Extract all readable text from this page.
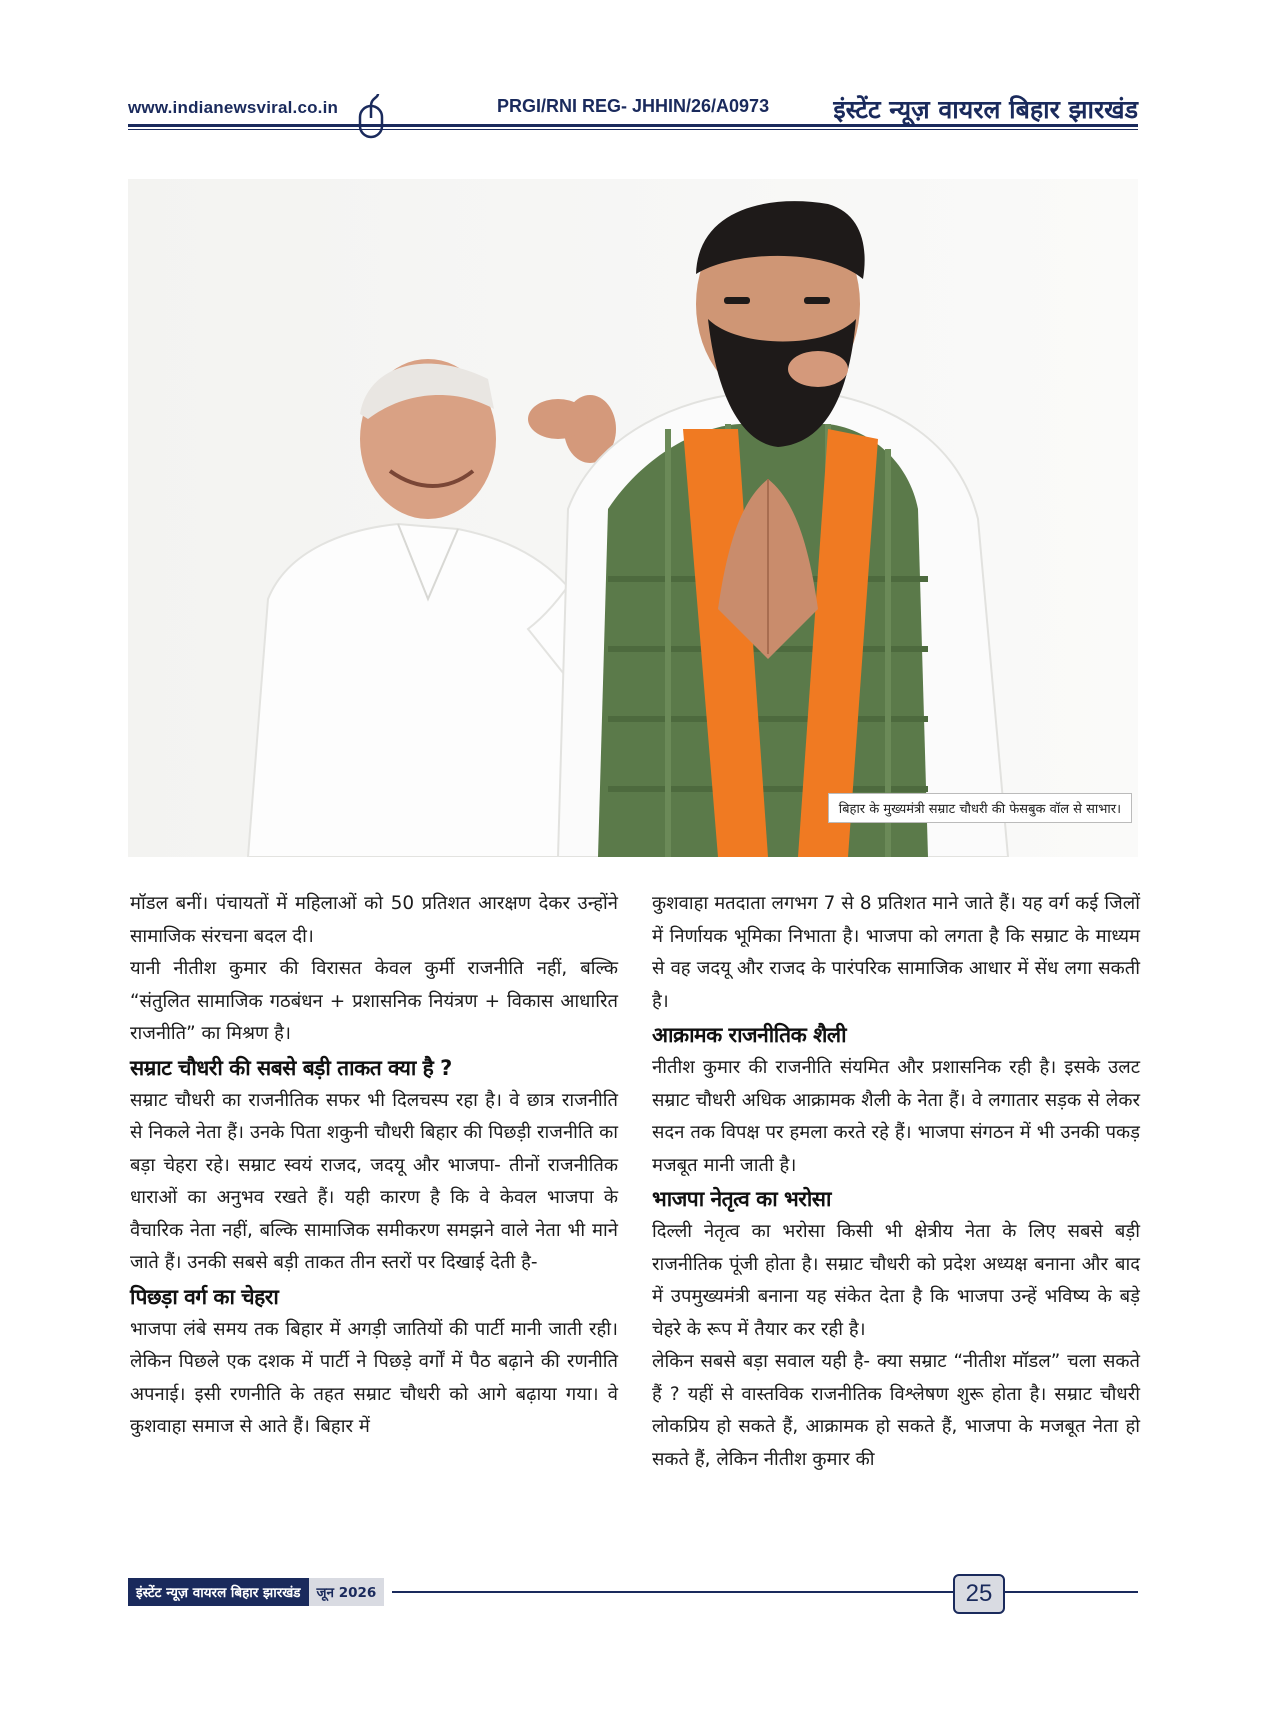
www.indianewsviral.co.in	PRGI/RNI REG- JHHIN/26/A0973	इंस्टेंट न्यूज़ वायरल बिहार झारखंड
बिहार के मुख्यमंत्री सम्राट चौधरी की फेसबुक वॉल से साभार।

मॉडल बनीं। पंचायतों में महिलाओं को 50 प्रतिशत आरक्षण देकर उन्होंने सामाजिक संरचना बदल दी।

यानी नीतीश कुमार की विरासत केवल कुर्मी राजनीति नहीं, बल्कि “संतुलित सामाजिक गठबंधन + प्रशासनिक नियंत्रण + विकास आधारित राजनीति” का मिश्रण है।

सम्राट चौधरी की सबसे बड़ी ताकत क्या है ?

सम्राट चौधरी का राजनीतिक सफर भी दिलचस्प रहा है। वे छात्र राजनीति से निकले नेता हैं। उनके पिता शकुनी चौधरी बिहार की पिछड़ी राजनीति का बड़ा चेहरा रहे। सम्राट स्वयं राजद, जदयू और भाजपा- तीनों राजनीतिक धाराओं का अनुभव रखते हैं। यही कारण है कि वे केवल भाजपा के वैचारिक नेता नहीं, बल्कि सामाजिक समीकरण समझने वाले नेता भी माने जाते हैं। उनकी सबसे बड़ी ताकत तीन स्तरों पर दिखाई देती है-

पिछड़ा वर्ग का चेहरा

भाजपा लंबे समय तक बिहार में अगड़ी जातियों की पार्टी मानी जाती रही। लेकिन पिछले एक दशक में पार्टी ने पिछड़े वर्गों में पैठ बढ़ाने की रणनीति अपनाई। इसी रणनीति के तहत सम्राट चौधरी को आगे बढ़ाया गया। वे कुशवाहा समाज से आते हैं। बिहार में

कुशवाहा मतदाता लगभग 7 से 8 प्रतिशत माने जाते हैं। यह वर्ग कई जिलों में निर्णायक भूमिका निभाता है। भाजपा को लगता है कि सम्राट के माध्यम से वह जदयू और राजद के पारंपरिक सामाजिक आधार में सेंध लगा सकती है।

आक्रामक राजनीतिक शैली

नीतीश कुमार की राजनीति संयमित और प्रशासनिक रही है। इसके उलट सम्राट चौधरी अधिक आक्रामक शैली के नेता हैं। वे लगातार सड़क से लेकर सदन तक विपक्ष पर हमला करते रहे हैं। भाजपा संगठन में भी उनकी पकड़ मजबूत मानी जाती है।

भाजपा नेतृत्व का भरोसा

दिल्ली नेतृत्व का भरोसा किसी भी क्षेत्रीय नेता के लिए सबसे बड़ी राजनीतिक पूंजी होता है। सम्राट चौधरी को प्रदेश अध्यक्ष बनाना और बाद में उपमुख्यमंत्री बनाना यह संकेत देता है कि भाजपा उन्हें भविष्य के बड़े चेहरे के रूप में तैयार कर रही है।

लेकिन सबसे बड़ा सवाल यही है- क्या सम्राट “नीतीश मॉडल” चला सकते हैं ? यहीं से वास्तविक राजनीतिक विश्लेषण शुरू होता है। सम्राट चौधरी लोकप्रिय हो सकते हैं, आक्रामक हो सकते हैं, भाजपा के मजबूत नेता हो सकते हैं, लेकिन नीतीश कुमार की

इंस्टेंट न्यूज़ वायरल बिहार झारखंड	जून 2026	25
